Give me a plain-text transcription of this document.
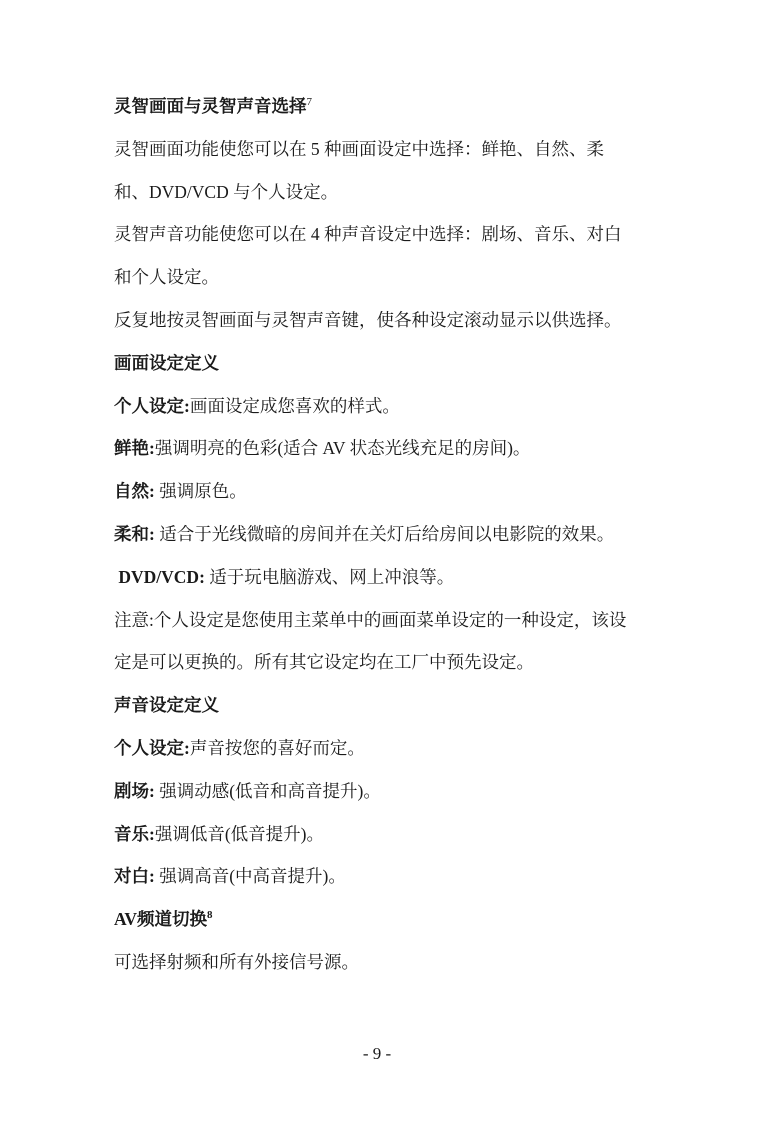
灵智画面与灵智声音选择$^7$
灵智画面功能使您可以在 5 种画面设定中选择：鲜艳、自然、柔
和、DVD/VCD 与个人设定。
灵智声音功能使您可以在 4 种声音设定中选择：剧场、音乐、对白
和个人设定。
反复地按灵智画面与灵智声音键，使各种设定滚动显示以供选择。
画面设定定义
个人设定:画面设定成您喜欢的样式。
鲜艳:强调明亮的色彩(适合 AV 状态光线充足的房间)。
自然: 强调原色。
柔和: 适合于光线微暗的房间并在关灯后给房间以电影院的效果。
DVD/VCD: 适于玩电脑游戏、网上冲浪等。
注意:个人设定是您使用主菜单中的画面菜单设定的一种设定，该设
定是可以更换的。所有其它设定均在工厂中预先设定。
声音设定定义
个人设定:声音按您的喜好而定。
剧场: 强调动感(低音和高音提升)。
音乐:强调低音(低音提升)。
对白: 强调高音(中高音提升)。
AV频道切换$^8$
可选择射频和所有外接信号源。
- 9 -
